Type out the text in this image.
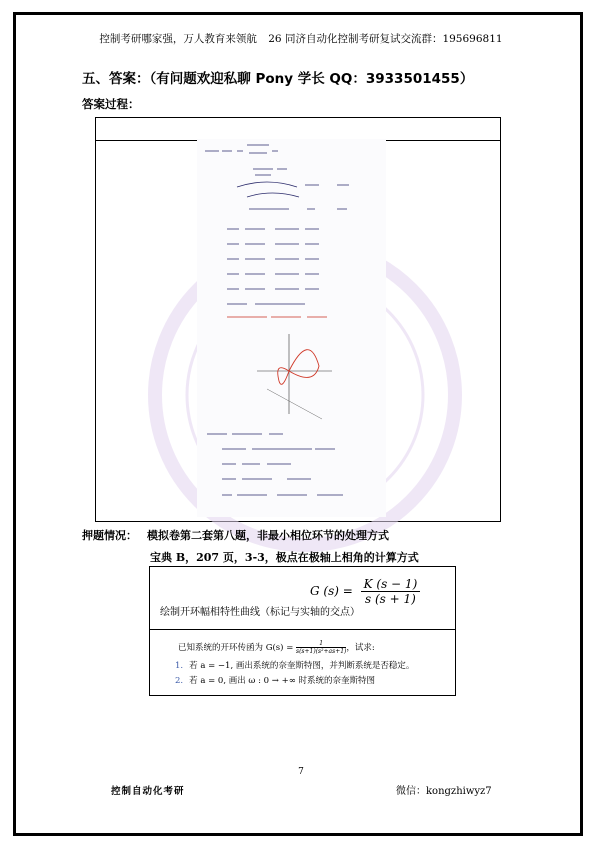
控制考研哪家强，万人教育来领航 26 同济自动化控制考研复试交流群：195696811
五、答案：（有问题欢迎私聊 Pony 学长 QQ：3933501455）
答案过程：
押题情况： 模拟卷第二套第八题，非最小相位环节的处理方式
宝典 B，207 页，3-3，极点在极轴上相角的计算方式
G $(s) = \frac{K (s - 1)}{s (s + 1)}$
绘制开环幅相特性曲线（标记与实轴的交点）
已知系统的开环传函为 $G(s) = \frac{1}{\text{s(s+1)(s²+as+1)}}$，试求:
1. 若 a = −1, 画出系统的奈奎斯特图，并判断系统是否稳定。
2. 若 a = 0, 画出 ω : 0 → +∞ 时系统的奈奎斯特图
7
控制自动化考研	微信：kongzhiwyz7
